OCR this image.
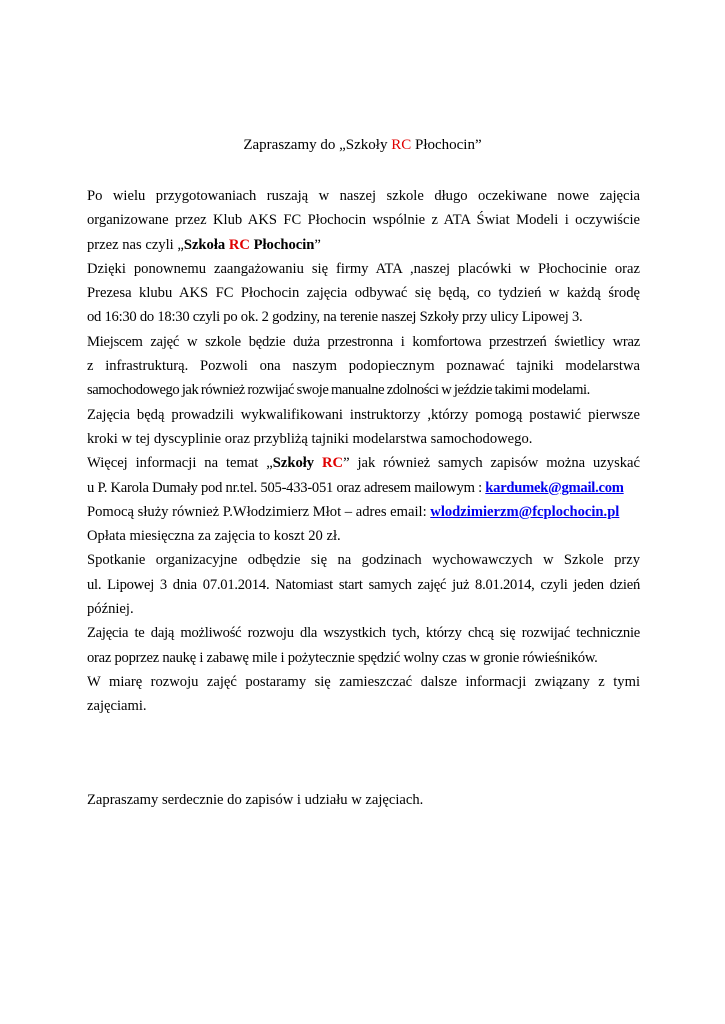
Zapraszamy do „Szkoły RC Płochocin”

Po wielu przygotowaniach ruszają w naszej szkole długo oczekiwane nowe zajęcia
organizowane przez Klub AKS FC Płochocin wspólnie z ATA Świat Modeli i oczywiście
przez nas czyli „Szkoła RC Płochocin”

Dzięki ponownemu zaangażowaniu się firmy ATA ,naszej placówki w Płochocinie oraz
Prezesa klubu AKS FC Płochocin zajęcia odbywać się będą, co tydzień w każdą środę
od 16:30 do 18:30 czyli po ok. 2 godziny, na terenie naszej Szkoły przy ulicy Lipowej 3.

Miejscem zajęć w szkole będzie duża przestronna i komfortowa przestrzeń świetlicy wraz
z infrastrukturą. Pozwoli ona naszym podopiecznym poznawać tajniki modelarstwa
samochodowego jak również rozwijać swoje manualne zdolności w jeździe takimi modelami.

Zajęcia będą prowadzili wykwalifikowani instruktorzy ,którzy pomogą postawić pierwsze
kroki w tej dyscyplinie oraz przybliżą tajniki modelarstwa samochodowego.

Więcej informacji na temat „Szkoły RC” jak również samych zapisów można uzyskać
u P. Karola Dumały pod nr.tel. 505-433-051 oraz adresem mailowym : kardumek@gmail.com

Pomocą służy również P.Włodzimierz Młot – adres email: wlodzimierzm@fcplochocin.pl

Opłata miesięczna za zajęcia to koszt 20 zł.

Spotkanie organizacyjne odbędzie się na godzinach wychowawczych w Szkole przy
ul. Lipowej 3 dnia 07.01.2014. Natomiast start samych zajęć już 8.01.2014, czyli jeden dzień
później.

Zajęcia te dają możliwość rozwoju dla wszystkich tych, którzy chcą się rozwijać technicznie
oraz poprzez naukę i zabawę mile i pożytecznie spędzić wolny czas w gronie rówieśników.

W miarę rozwoju zajęć postaramy się zamieszczać dalsze informacji związany z tymi
zajęciami.

Zapraszamy serdecznie do zapisów i udziału w zajęciach.
